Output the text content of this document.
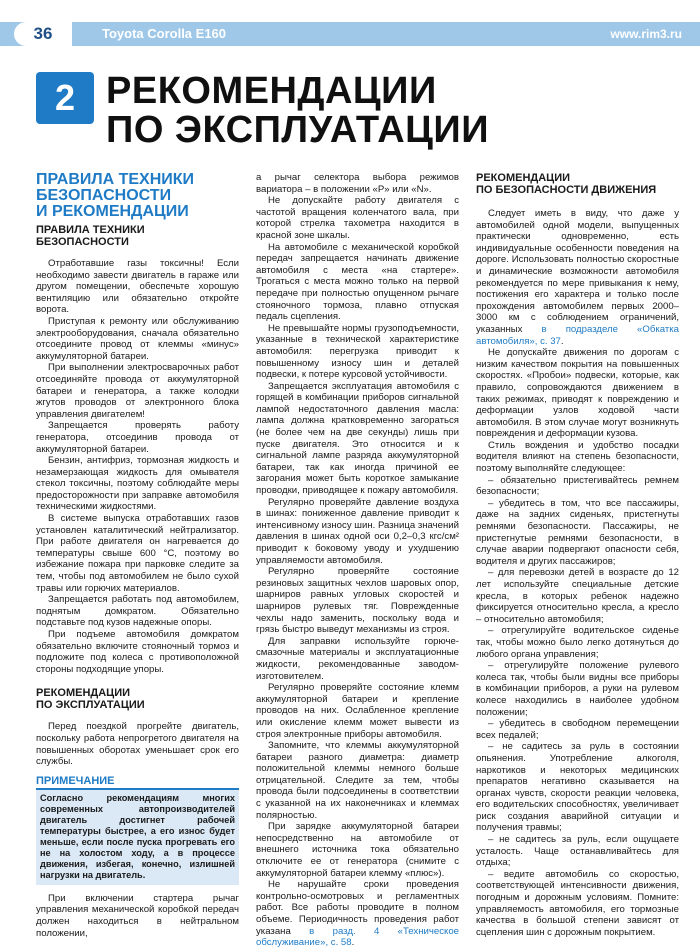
36	Toyota Corolla E160	www.rim3.ru
2 РЕКОМЕНДАЦИИ
ПО ЭКСПЛУАТАЦИИ
ПРАВИЛА ТЕХНИКИ
БЕЗОПАСНОСТИ
И РЕКОМЕНДАЦИИ
ПРАВИЛА ТЕХНИКИ
БЕЗОПАСНОСТИ

Отработавшие газы токсичны! Если необходимо завести двигатель в гараже или другом помещении, обеспечьте хорошую вентиляцию или обязательно откройте ворота.

Приступая к ремонту или обслуживанию электрооборудования, сначала обязательно отсоедините провод от клеммы «минус» аккумуляторной батареи.

При выполнении электросварочных работ отсоединяйте провода от аккумуляторной батареи и генератора, а также колодки жгутов проводов от электронного блока управления двигателем!

Запрещается проверять работу генератора, отсоединив провода от аккумуляторной батареи.

Бензин, антифриз, тормозная жидкость и незамерзающая жидкость для омывателя стекол токсичны, поэтому соблюдайте меры предосторожности при заправке автомобиля техническими жидкостями.

В системе выпуска отработавших газов установлен каталитический нейтрализатор. При работе двигателя он нагревается до температуры свыше 600 °С, поэтому во избежание пожара при парковке следите за тем, чтобы под автомобилем не было сухой травы или горючих материалов.

Запрещается работать под автомобилем, поднятым домкратом. Обязательно подставьте под кузов надежные опоры.

При подъеме автомобиля домкратом обязательно включите стояночный тормоз и подложите под колеса с противоположной стороны подходящие упоры.

РЕКОМЕНДАЦИИ
ПО ЭКСПЛУАТАЦИИ

Перед поездкой прогрейте двигатель, поскольку работа непрогретого двигателя на повышенных оборотах уменьшает срок его службы.

ПРИМЕЧАНИЕ
Согласно рекомендациям многих современных автопроизводителей двигатель достигнет рабочей температуры быстрее, а его износ будет меньше, если после пуска прогревать его не на холостом ходу, а в процессе движения, избегая, конечно, излишней нагрузки на двигатель.

При включении стартера рычаг управления механической коробкой передач должен находиться в нейтральном положении,

а рычаг селектора выбора режимов вариатора – в положении «P» или «N».

Не допускайте работу двигателя с частотой вращения коленчатого вала, при которой стрелка тахометра находится в красной зоне шкалы.

На автомобиле с механической коробкой передач запрещается начинать движение автомобиля с места «на стартере». Трогаться с места можно только на первой передаче при полностью опущенном рычаге стояночного тормоза, плавно отпуская педаль сцепления.

Не превышайте нормы грузоподъемности, указанные в технической характеристике автомобиля: перегрузка приводит к повышенному износу шин и деталей подвески, к потере курсовой устойчивости.

Запрещается эксплуатация автомобиля с горящей в комбинации приборов сигнальной лампой недостаточного давления масла: лампа должна кратковременно загораться (не более чем на две секунды) лишь при пуске двигателя. Это относится и к сигнальной лампе разряда аккумуляторной батареи, так как иногда причиной ее загорания может быть короткое замыкание проводки, приводящее к пожару автомобиля.

Регулярно проверяйте давление воздуха в шинах: пониженное давление приводит к интенсивному износу шин. Разница значений давления в шинах одной оси 0,2–0,3 кгс/см² приводит к боковому уводу и ухудшению управляемости автомобиля.

Регулярно проверяйте состояние резиновых защитных чехлов шаровых опор, шарниров равных угловых скоростей и шарниров рулевых тяг. Поврежденные чехлы надо заменить, поскольку вода и грязь быстро выведут механизмы из строя.

Для заправки используйте горюче-смазочные материалы и эксплуатационные жидкости, рекомендованные заводом-изготовителем.

Регулярно проверяйте состояние клемм аккумуляторной батареи и крепление проводов на них. Ослабленное крепление или окисление клемм может вывести из строя электронные приборы автомобиля.

Запомните, что клеммы аккумуляторной батареи разного диаметра: диаметр положительной клеммы немного больше отрицательной. Следите за тем, чтобы провода были подсоединены в соответствии с указанной на их наконечниках и клеммах полярностью.

При зарядке аккумуляторной батареи непосредственно на автомобиле от внешнего источника тока обязательно отключите ее от генератора (снимите с аккумуляторной батареи клемму «плюс»).

Не нарушайте сроки проведения контрольно-осмотровых и регламентных работ. Все работы проводите в полном объеме. Периодичность проведения работ указана в разд. 4 «Техническое обслуживание», с. 58.

РЕКОМЕНДАЦИИ
ПО БЕЗОПАСНОСТИ ДВИЖЕНИЯ

Следует иметь в виду, что даже у автомобилей одной модели, выпущенных практически одновременно, есть индивидуальные особенности поведения на дороге. Использовать полностью скоростные и динамические возможности автомобиля рекомендуется по мере привыкания к нему, постижения его характера и только после прохождения автомобилем первых 2000–3000 км с соблюдением ограничений, указанных в подразделе «Обкатка автомобиля», с. 37.

Не допускайте движения по дорогам с низким качеством покрытия на повышенных скоростях. «Пробои» подвески, которые, как правило, сопровождаются движением в таких режимах, приводят к повреждению и деформации узлов ходовой части автомобиля. В этом случае могут возникнуть повреждения и деформации кузова.

Стиль вождения и удобство посадки водителя влияют на степень безопасности, поэтому выполняйте следующее:

– обязательно пристегивайтесь ремнем безопасности;

– убедитесь в том, что все пассажиры, даже на задних сиденьях, пристегнуты ремнями безопасности. Пассажиры, не пристегнутые ремнями безопасности, в случае аварии подвергают опасности себя, водителя и других пассажиров;

– для перевозки детей в возрасте до 12 лет используйте специальные детские кресла, в которых ребенок надежно фиксируется относительно кресла, а кресло – относительно автомобиля;

– отрегулируйте водительское сиденье так, чтобы можно было легко дотянуться до любого органа управления;

– отрегулируйте положение рулевого колеса так, чтобы были видны все приборы в комбинации приборов, а руки на рулевом колесе находились в наиболее удобном положении;

– убедитесь в свободном перемещении всех педалей;

– не садитесь за руль в состоянии опьянения. Употребление алкоголя, наркотиков и некоторых медицинских препаратов негативно сказывается на органах чувств, скорости реакции человека, его водительских способностях, увеличивает риск создания аварийной ситуации и получения травмы;

– не садитесь за руль, если ощущаете усталость. Чаще останавливайтесь для отдыха;

– ведите автомобиль со скоростью, соответствующей интенсивности движения, погодным и дорожным условиям. Помните: управляемость автомобиля, его тормозные качества в большой степени зависят от сцепления шин с дорожным покрытием.
